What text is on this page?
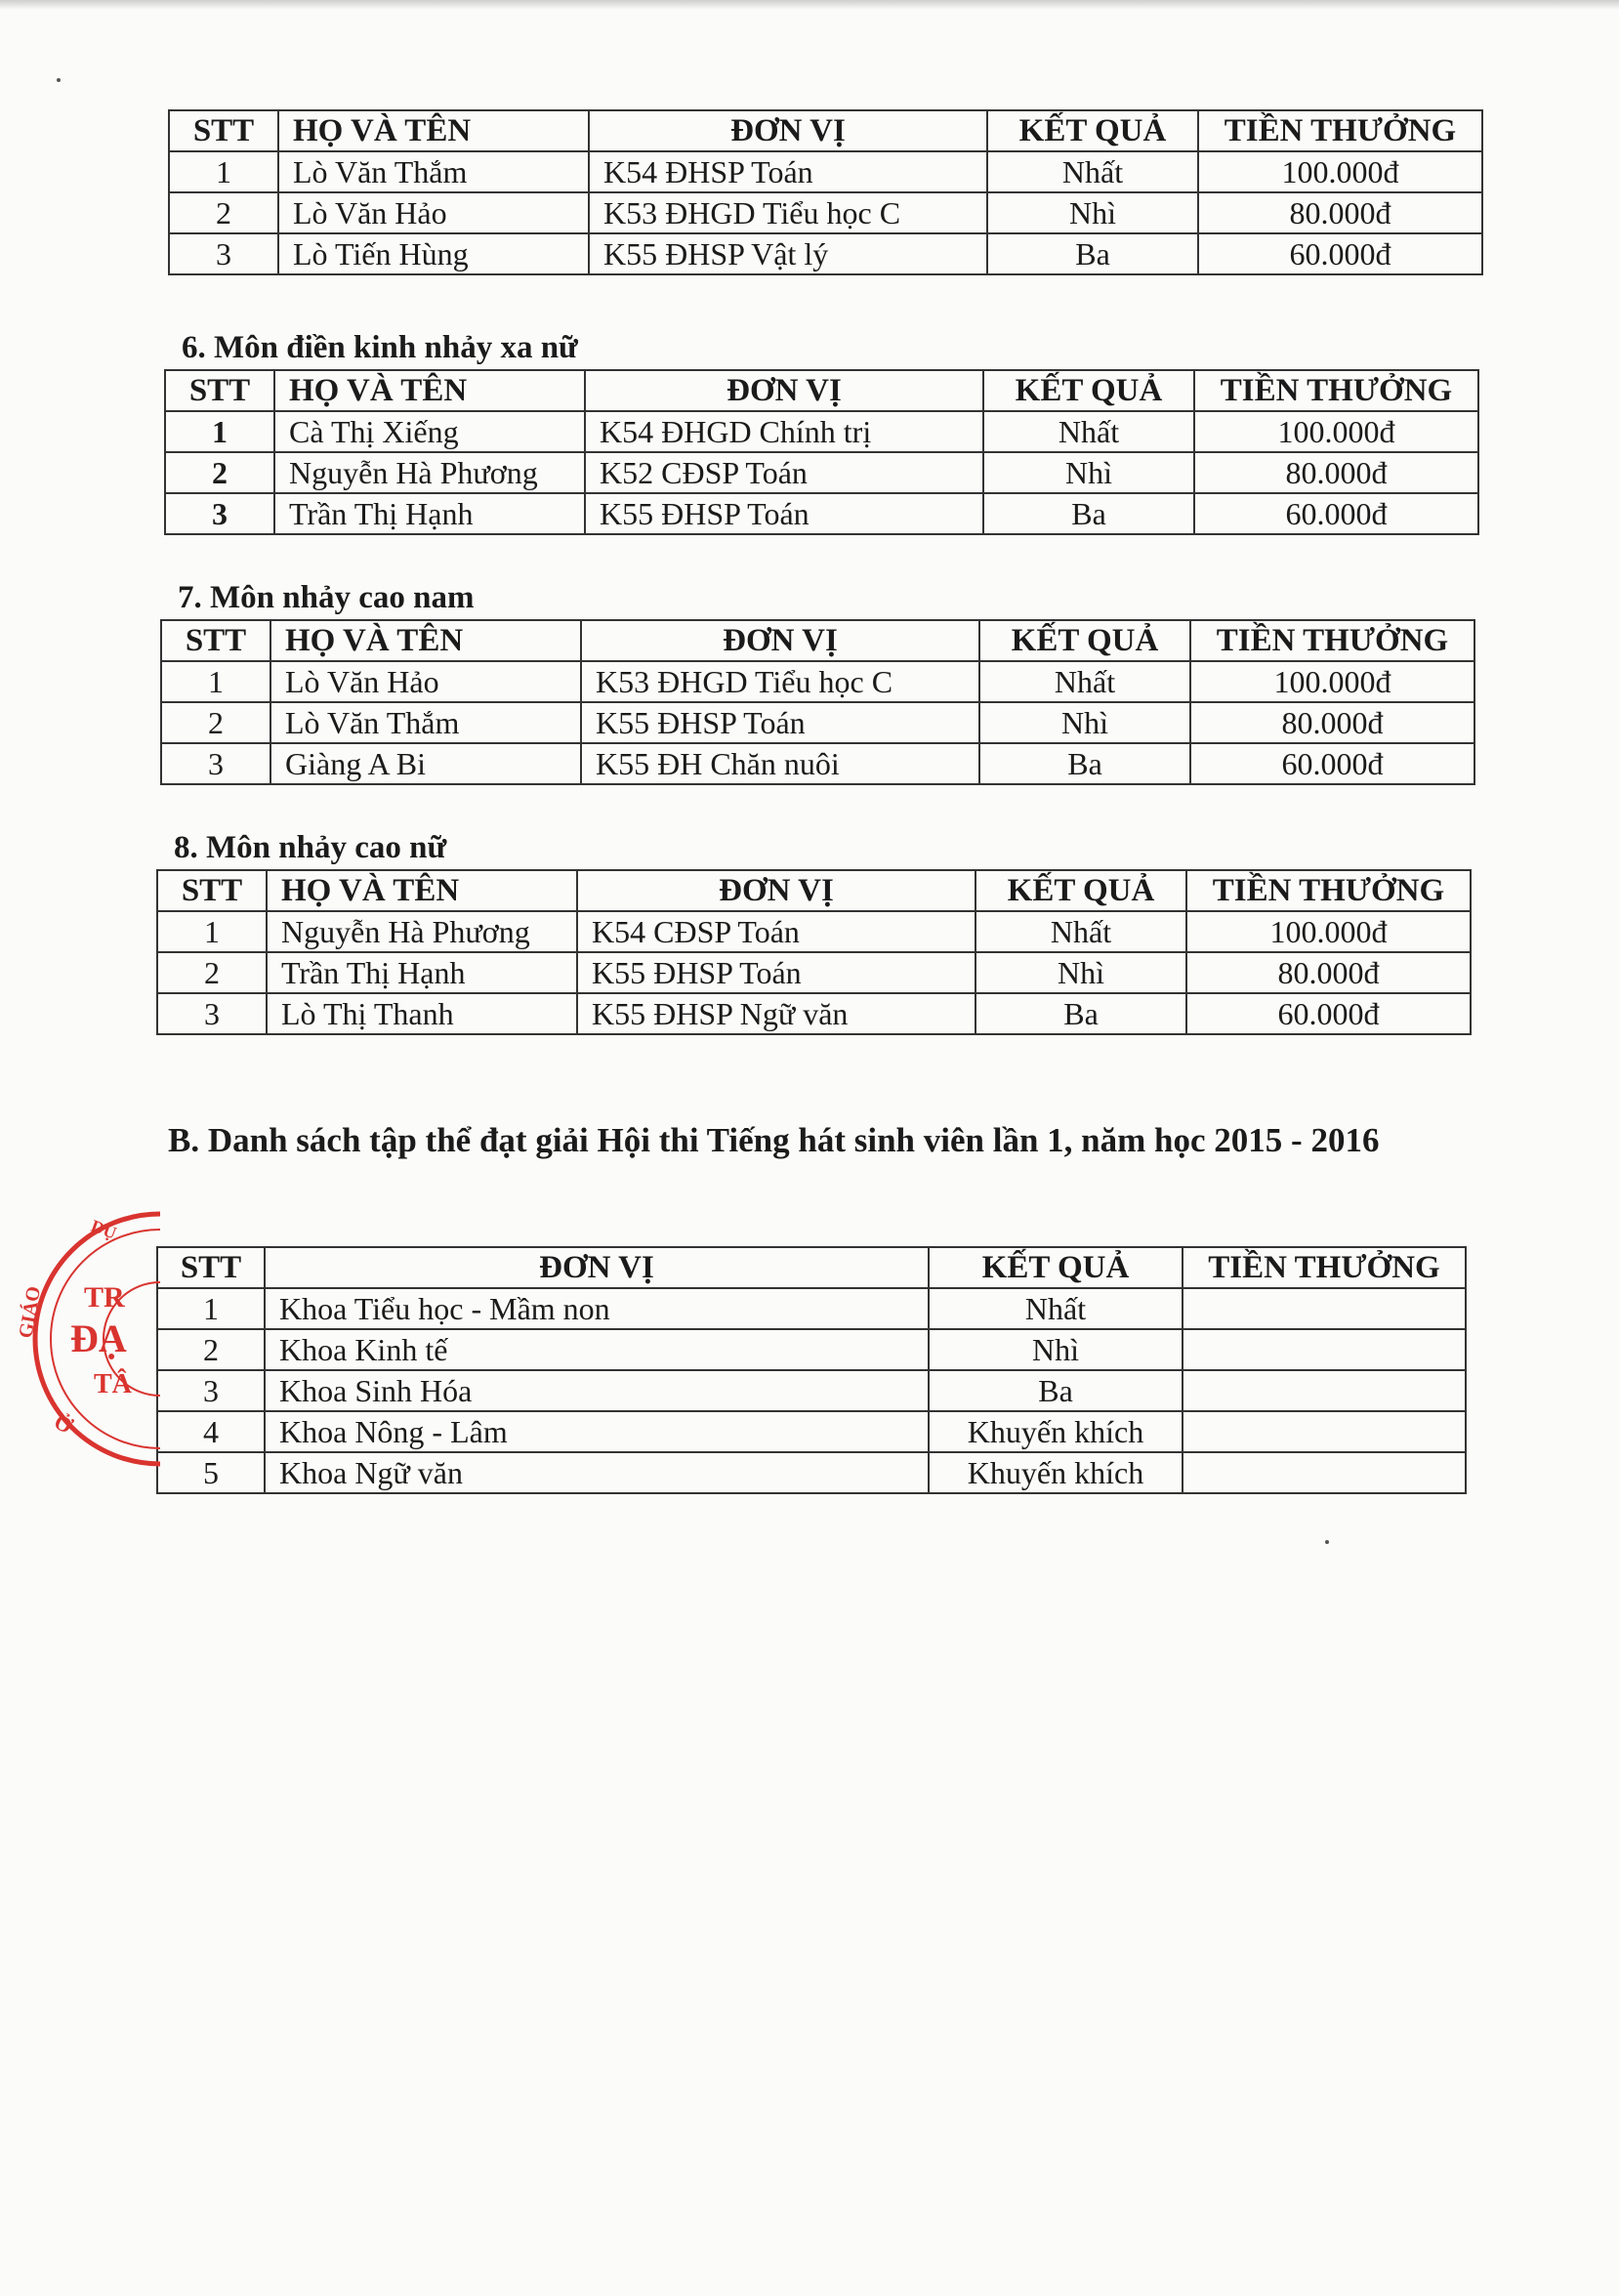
STT	HỌ VÀ TÊN	ĐƠN VỊ	KẾT QUẢ	TIỀN THƯỞNG
1	Lò Văn Thắm	K54 ĐHSP Toán	Nhất	100.000đ
2	Lò Văn Hảo	K53 ĐHGD Tiểu học C	Nhì	80.000đ
3	Lò Tiến Hùng	K55 ĐHSP Vật lý	Ba	60.000đ
6. Môn điền kinh nhảy xa nữ
STT	HỌ VÀ TÊN	ĐƠN VỊ	KẾT QUẢ	TIỀN THƯỞNG
1	Cà Thị Xiếng	K54 ĐHGD Chính trị	Nhất	100.000đ
2	Nguyễn Hà Phương	K52 CĐSP Toán	Nhì	80.000đ
3	Trần Thị Hạnh	K55 ĐHSP Toán	Ba	60.000đ
7. Môn nhảy cao nam
STT	HỌ VÀ TÊN	ĐƠN VỊ	KẾT QUẢ	TIỀN THƯỞNG
1	Lò Văn Hảo	K53 ĐHGD Tiểu học C	Nhất	100.000đ
2	Lò Văn Thắm	K55 ĐHSP Toán	Nhì	80.000đ
3	Giàng A Bi	K55 ĐH Chăn nuôi	Ba	60.000đ
8. Môn nhảy cao nữ
STT	HỌ VÀ TÊN	ĐƠN VỊ	KẾT QUẢ	TIỀN THƯỞNG
1	Nguyễn Hà Phương	K54 CĐSP Toán	Nhất	100.000đ
2	Trần Thị Hạnh	K55 ĐHSP Toán	Nhì	80.000đ
3	Lò Thị Thanh	K55 ĐHSP Ngữ văn	Ba	60.000đ
B. Danh sách tập thể đạt giải Hội thi Tiếng hát sinh viên lần 1, năm học 2015 - 2016
STT	ĐƠN VỊ	KẾT QUẢ	TIỀN THƯỞNG
1	Khoa Tiểu học - Mầm non	Nhất	
2	Khoa Kinh tế	Nhì	
3	Khoa Sinh Hóa	Ba	
4	Khoa Nông - Lâm	Khuyến khích	
5	Khoa Ngữ văn	Khuyến khích	
GIÁO
DỤ
TR
ĐẠ
TÂ
Ở
